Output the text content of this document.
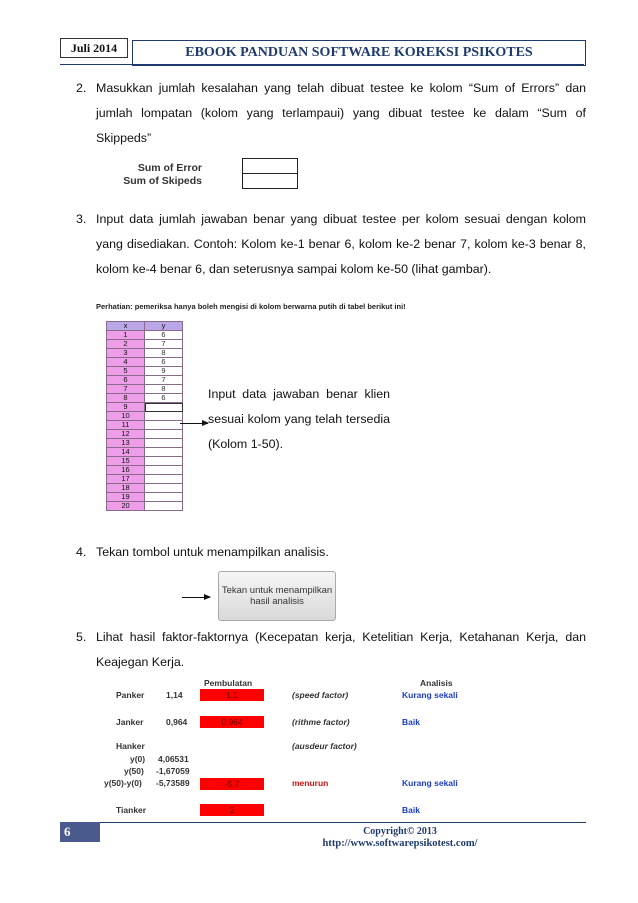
Juli 2014	EBOOK PANDUAN SOFTWARE KOREKSI PSIKOTES
2. Masukkan jumlah kesalahan yang telah dibuat testee ke kolom “Sum of Errors” dan jumlah lompatan (kolom yang terlampaui) yang dibuat testee ke dalam “Sum of Skippeds”
Sum of Error
Sum of Skipeds
3. Input data jumlah jawaban benar yang dibuat testee per kolom sesuai dengan kolom yang disediakan. Contoh: Kolom ke-1 benar 6, kolom ke-2 benar 7, kolom ke-3 benar 8, kolom ke-4 benar 6, dan seterusnya sampai kolom ke-50 (lihat gambar).
Perhatian: pemeriksa hanya boleh mengisi di kolom berwarna putih di tabel berikut ini!
x	y
1	6
2	7
3	8
4	6
5	9
6	7
7	8
8	6
9	
10	
11	
12	
13	
14	
15	
16	
17	
18	
19	
20	
Input data jawaban benar klien sesuai kolom yang telah tersedia (Kolom 1-50).
4. Tekan tombol untuk menampilkan analisis.
Tekan untuk menampilkan hasil analisis
5. Lihat hasil faktor-faktornya (Kecepatan kerja, Ketelitian Kerja, Ketahanan Kerja, dan Keajegan Kerja.
Pembulatan	Analisis
Panker	1,14	1,1	(speed factor)	Kurang sekali
Janker	0,964	0,964	(rithme factor)	Baik
Hanker	(ausdeur factor)
y(0) 4,06531
y(50) -1,67059
y(50)-y(0) -5,73589	-5,7	menurun	Kurang sekali
Tianker	2	Baik
6	Copyright© 2013
http://www.softwarepsikotest.com/
